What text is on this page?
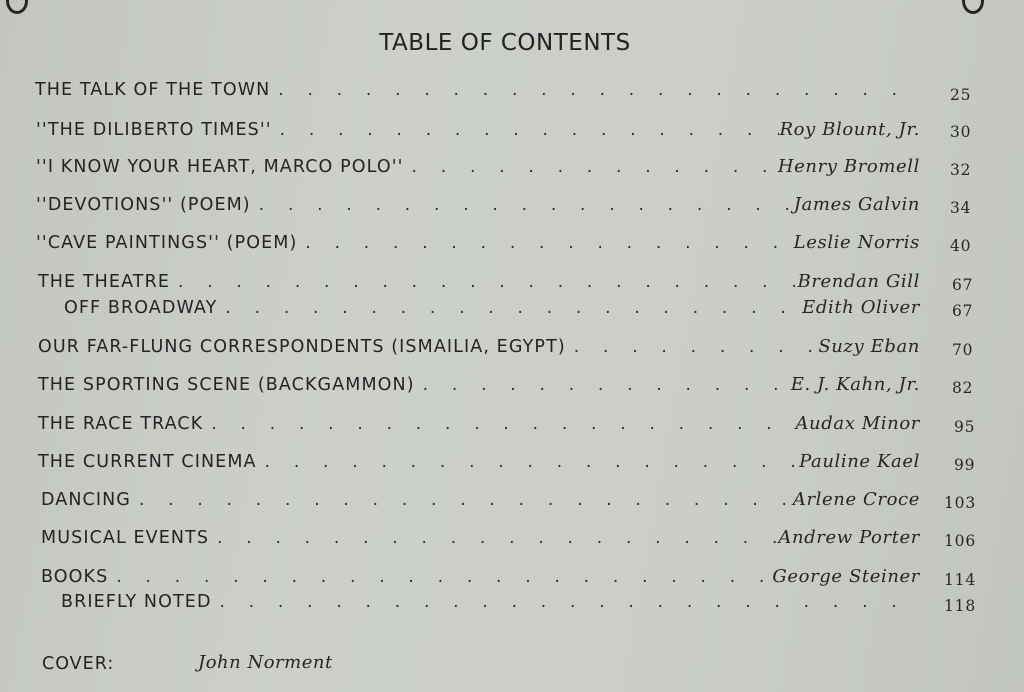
TABLE OF CONTENTS
THE TALK OF THE TOWN . . .	25
''THE DILIBERTO TIMES'' . . .	Roy Blount, Jr. 30
''I KNOW YOUR HEART, MARCO POLO'' . . .	Henry Bromell 32
''DEVOTIONS'' (POEM) . . .	James Galvin 34
''CAVE PAINTINGS'' (POEM) . . .	Leslie Norris 40
THE THEATRE . . .	Brendan Gill 67
OFF BROADWAY . . .	Edith Oliver 67
OUR FAR-FLUNG CORRESPONDENTS (ISMAILIA, EGYPT) . . .	Suzy Eban 70
THE SPORTING SCENE (BACKGAMMON) . . .	E. J. Kahn, Jr. 82
THE RACE TRACK . . .	Audax Minor 95
THE CURRENT CINEMA . . .	Pauline Kael 99
DANCING . . .	Arlene Croce 103
MUSICAL EVENTS . . .	Andrew Porter 106
BOOKS . . .	George Steiner 114
BRIEFLY NOTED . . .	118
COVER:	John Norment
